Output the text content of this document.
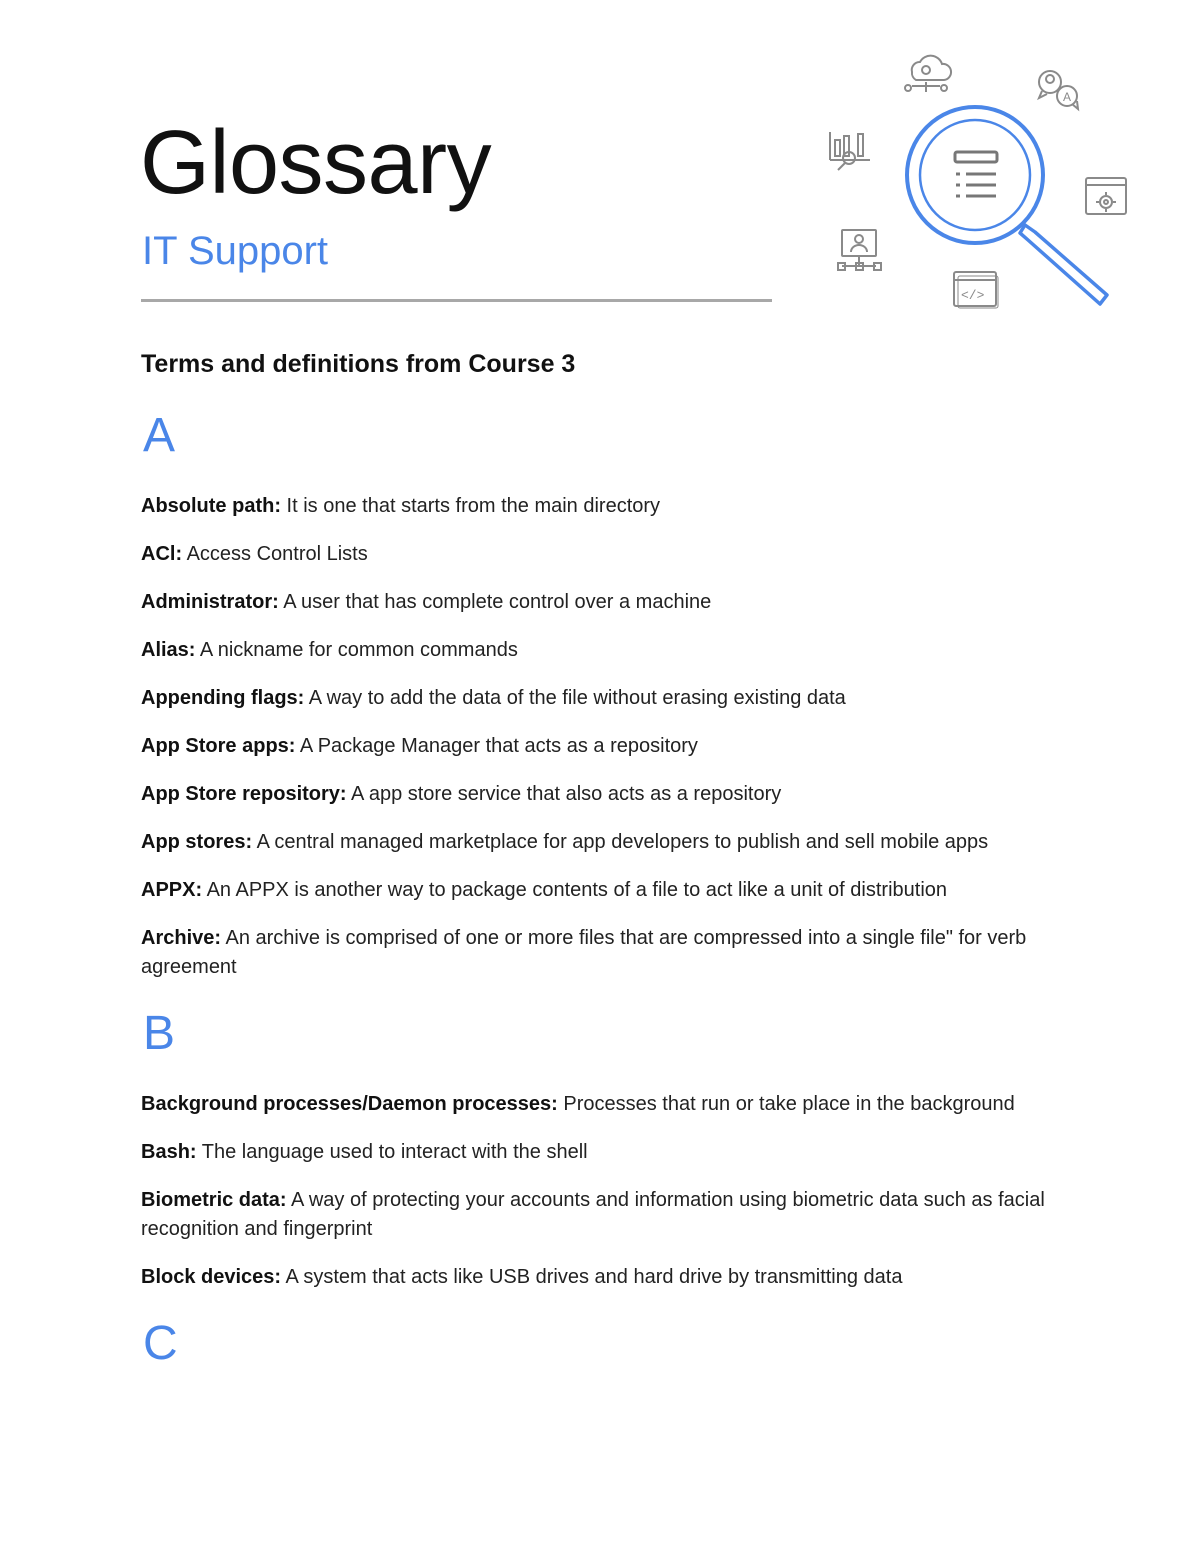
Glossary
IT Support
A
</>
Terms and definitions from Course 3
A
Absolute path: It is one that starts from the main directory
ACl: Access Control Lists
Administrator: A user that has complete control over a machine
Alias: A nickname for common commands
Appending flags: A way to add the data of the file without erasing existing data
App Store apps: A Package Manager that acts as a repository
App Store repository: A app store service that also acts as a repository
App stores: A central managed marketplace for app developers to publish and sell mobile apps
APPX: An APPX is another way to package contents of a file to act like a unit of distribution
Archive: An archive is comprised of one or more files that are compressed into a single file" for verb agreement
B
Background processes/Daemon processes: Processes that run or take place in the background
Bash: The language used to interact with the shell
Biometric data: A way of protecting your accounts and information using biometric data such as facial recognition and fingerprint
Block devices: A system that acts like USB drives and hard drive by transmitting data
C
